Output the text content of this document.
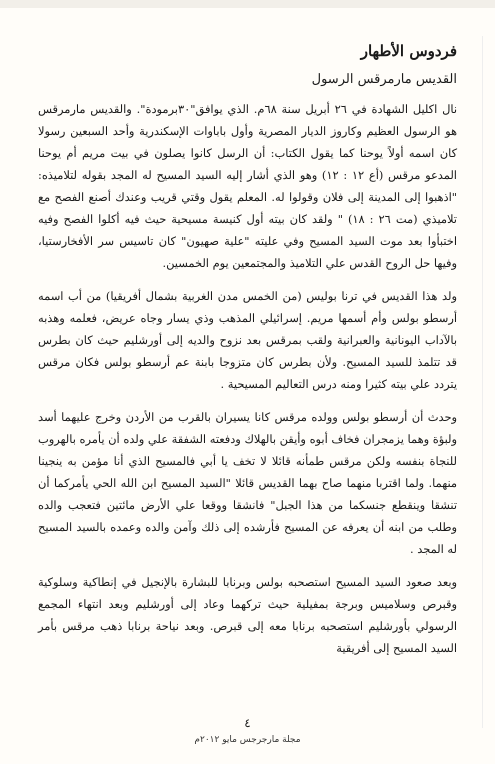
فردوس الأطهار
القديس مارمرقس الرسول

نال اكليل الشهادة في ٢٦ أبريل سنة ٦٨م. الذي يوافق"٣٠برمودة". والقديس مارمرقس هو الرسول العظيم وكاروز الديار المصرية وأول باباوات الإسكندرية وأحد السبعين رسولا كان اسمه أولاً يوحنا كما يقول الكتاب: أن الرسل كانوا يصلون في بيت مريم أم يوحنا المدعو مرقس (أع ١٢ : ١٢) وهو الذي أشار إليه السيد المسيح له المجد بقوله لتلاميذه: "اذهبوا إلى المدينة إلى فلان وقولوا له. المعلم يقول وقتي قريب وعندك أصنع الفصح مع تلاميذي (مت ٢٦ : ١٨) " ولقد كان بيته أول كنيسة مسيحية حيث فيه أكلوا الفصح وفيه اختبأوا بعد موت السيد المسيح وفي عليته "علية صهيون" كان تاسيس سر الأفخارستيا، وفيها حل الروح القدس علي التلاميذ والمجتمعين يوم الخمسين.

ولد هذا القديس في ترنا بوليس (من الخمس مدن الغربية بشمال أفريقيا) من أب اسمه أرسطو بولس وأم أسمها مريم. إسرائيلي المذهب وذي يسار وجاه عريض، فعلمه وهذبه بالآداب اليونانية والعبرانية ولقب بمرقس بعد نزوح والديه إلى أورشليم حيث كان بطرس قد تتلمذ للسيد المسيح. ولأن بطرس كان متزوجا بابنة عم أرسطو بولس فكان مرقس يتردد علي بيته كثيرا ومنه درس التعاليم المسيحية .

وحدث أن أرسطو بولس وولده مرقس كانا يسيران بالقرب من الأردن وخرج عليهما أسد ولبؤة وهما يزمجران فخاف أبوه وأيقن بالهلاك ودفعته الشفقة علي ولده أن يأمره بالهروب للنجاة بنفسه ولكن مرقس طمأنه قائلا لا تخف يا أبي فالمسيح الذي أنا مؤمن به ينجينا منهما. ولما اقتربا منهما صاح بهما القديس قائلا "السيد المسيح ابن الله الحي يأمركما أن تنشقا وينقطع جنسكما من هذا الجبل" فانشقا ووقعا علي الأرض مائتين فتعجب والده وطلب من ابنه أن يعرفه عن المسيح فأرشده إلى ذلك وآمن والده وعمده بالسيد المسيح له المجد .

وبعد صعود السيد المسيح استصحبه بولس وبرنابا للبشارة بالإنجيل في إنطاكية وسلوكية وقبرص وسلاميس وبرجة بمفيلية حيث تركهما وعاد إلى أورشليم وبعد انتهاء المجمع الرسولي بأورشليم استصحبه برنابا معه إلى قبرص. وبعد نياحة برنابا ذهب مرقس بأمر السيد المسيح إلى أفريقية

٤
مجلة مارجرجس مايو ٢٠١٢م
